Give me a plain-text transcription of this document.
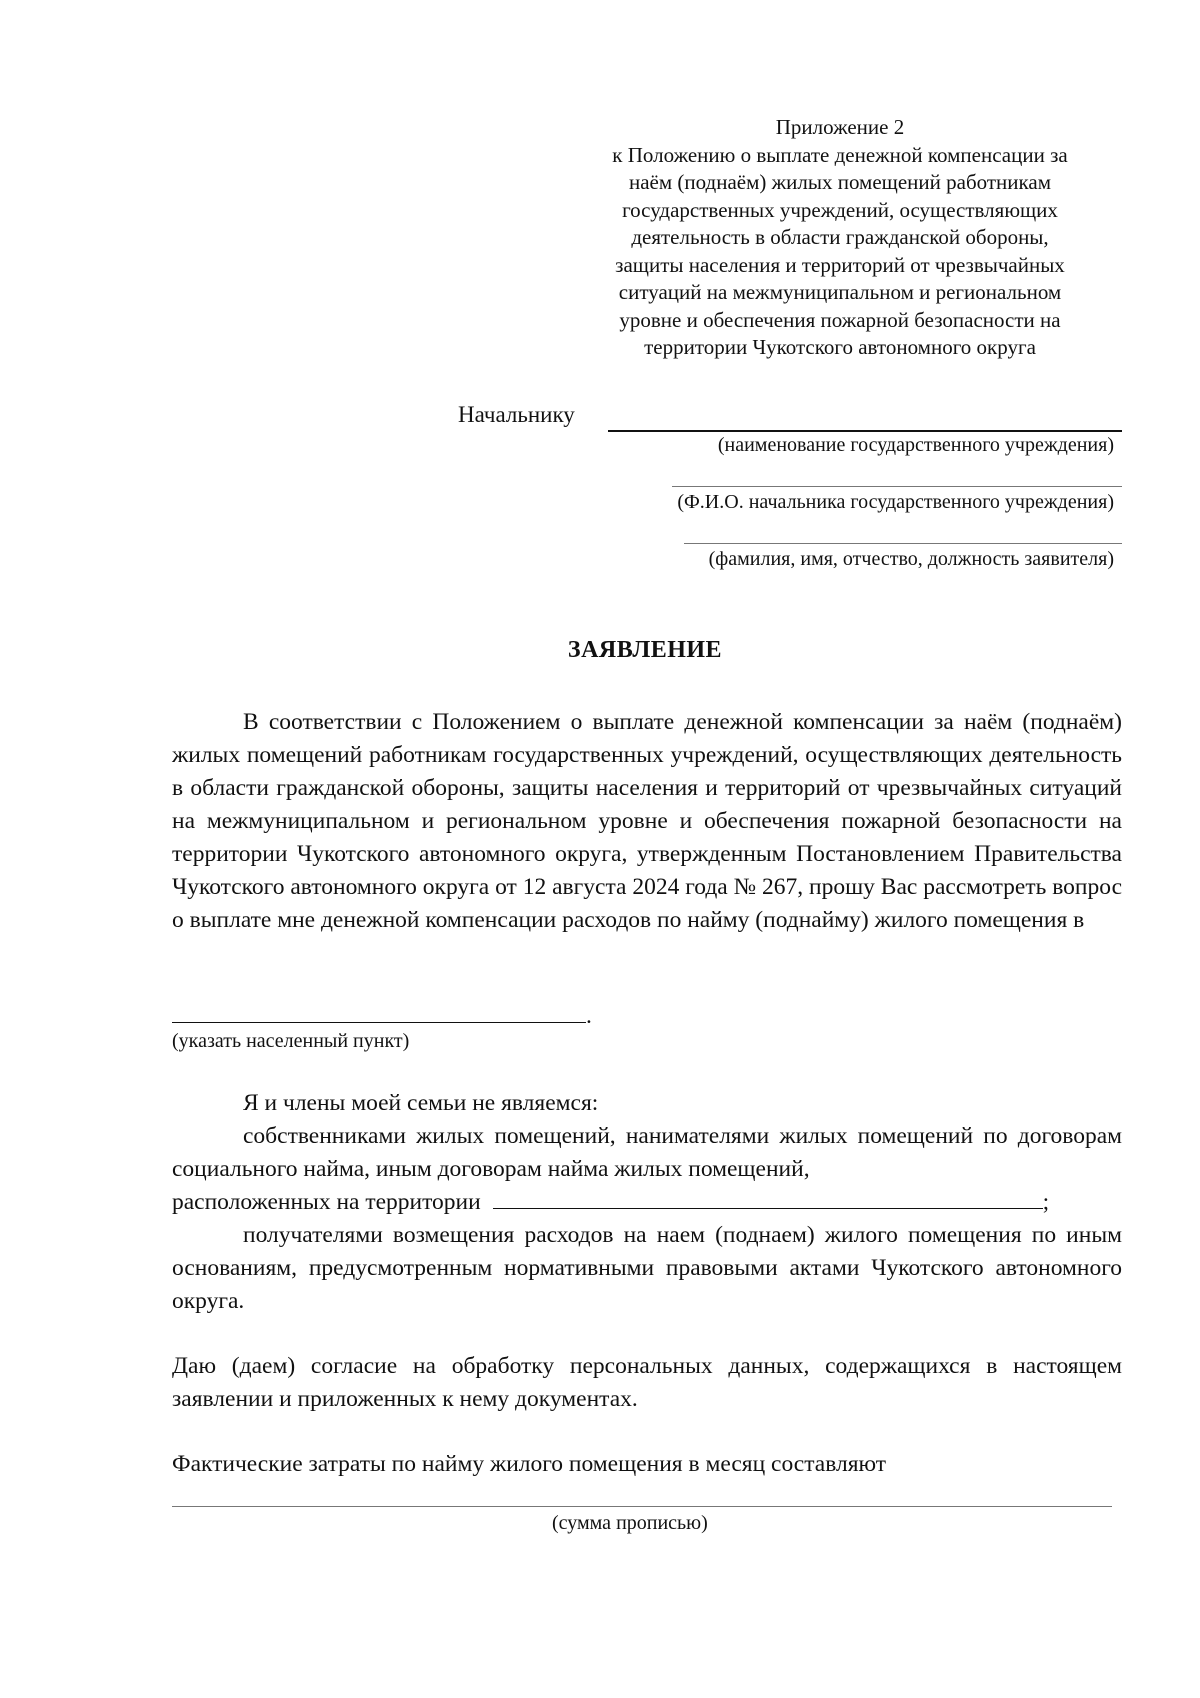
Приложение 2
к Положению о выплате денежной компенсации за
наём (поднаём) жилых помещений работникам
государственных учреждений, осуществляющих
деятельность в области гражданской обороны,
защиты населения и территорий от чрезвычайных
ситуаций на межмуниципальном и региональном
уровне и обеспечения пожарной безопасности на
территории Чукотского автономного округа
Начальнику
(наименование государственного учреждения)
(Ф.И.О. начальника государственного учреждения)
(фамилия, имя, отчество, должность заявителя)
ЗАЯВЛЕНИЕ
В соответствии с Положением о выплате денежной компенсации за наём (поднаём) жилых помещений работникам государственных учреждений, осуществляющих деятельность в области гражданской обороны, защиты населения и территорий от чрезвычайных ситуаций на межмуниципальном и региональном уровне и обеспечения пожарной безопасности на территории Чукотского автономного округа, утвержденным Постановлением Правительства Чукотского автономного округа от 12 августа 2024 года № 267, прошу Вас рассмотреть вопрос о выплате мне денежной компенсации расходов по найму (поднайму) жилого помещения в
.
(указать населенный пункт)
Я и члены моей семьи не являемся:
собственниками жилых помещений, нанимателями жилых помещений по договорам социального найма, иным договорам найма жилых помещений,
расположенных на территории	;
получателями возмещения расходов на наем (поднаем) жилого помещения по иным основаниям, предусмотренным нормативными правовыми актами Чукотского автономного округа.
Даю (даем) согласие на обработку персональных данных, содержащихся в настоящем заявлении и приложенных к нему документах.
Фактические затраты по найму жилого помещения в месяц составляют
(сумма прописью)
